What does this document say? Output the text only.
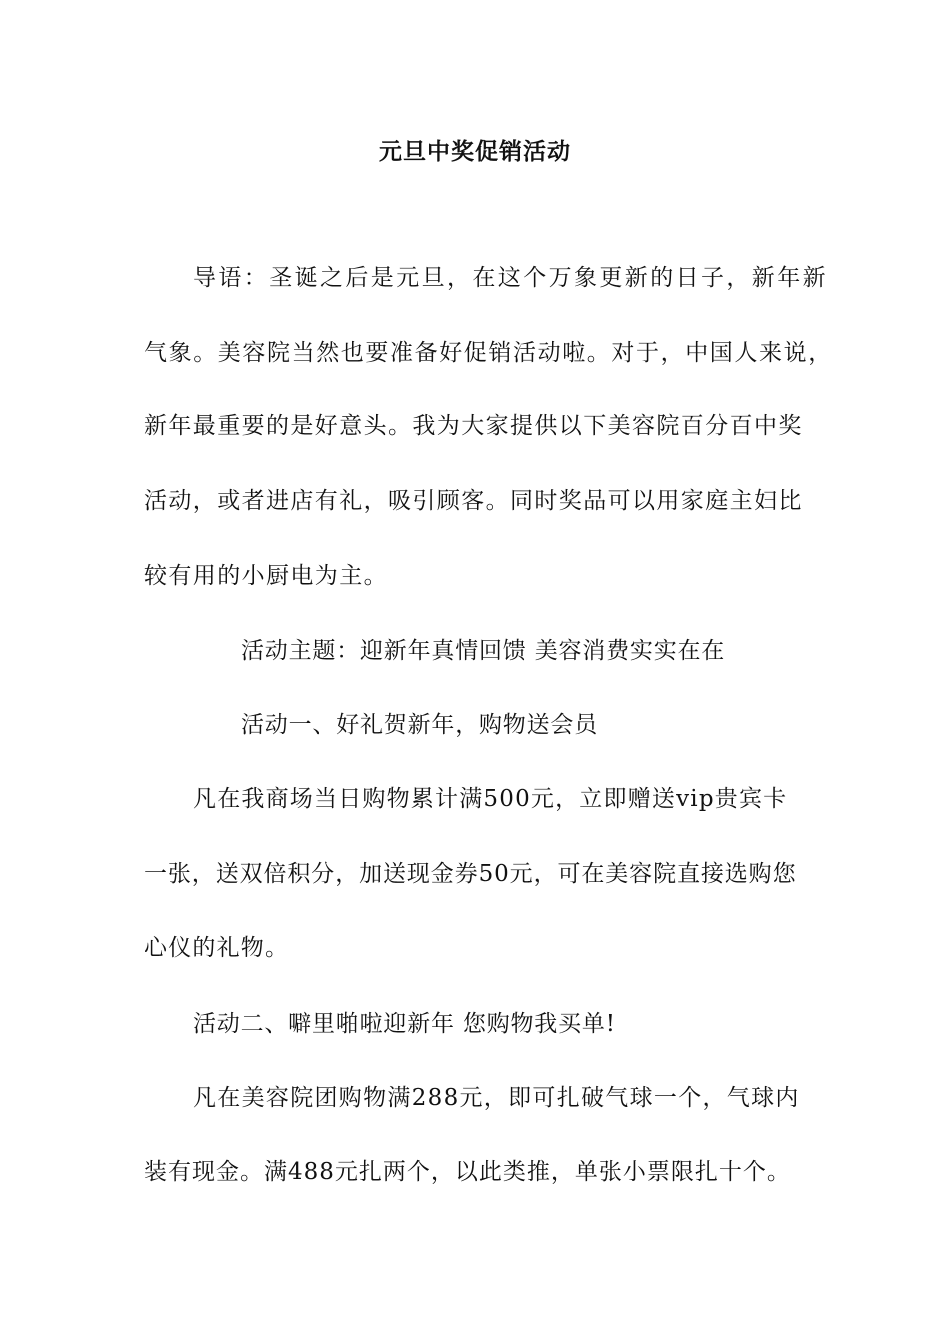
元旦中奖促销活动
导语：圣诞之后是元旦，在这个万象更新的日子，新年新
气象。美容院当然也要准备好促销活动啦。对于，中国人来说，
新年最重要的是好意头。我为大家提供以下美容院百分百中奖
活动，或者进店有礼，吸引顾客。同时奖品可以用家庭主妇比
较有用的小厨电为主。
活动主题：迎新年真情回馈 美容消费实实在在
活动一、好礼贺新年，购物送会员
凡在我商场当日购物累计满500元，立即赠送vip贵宾卡
一张，送双倍积分，加送现金券50元，可在美容院直接选购您
心仪的礼物。
活动二、噼里啪啦迎新年 您购物我买单!
凡在美容院团购物满288元，即可扎破气球一个，气球内
装有现金。满488元扎两个，以此类推，单张小票限扎十个。
